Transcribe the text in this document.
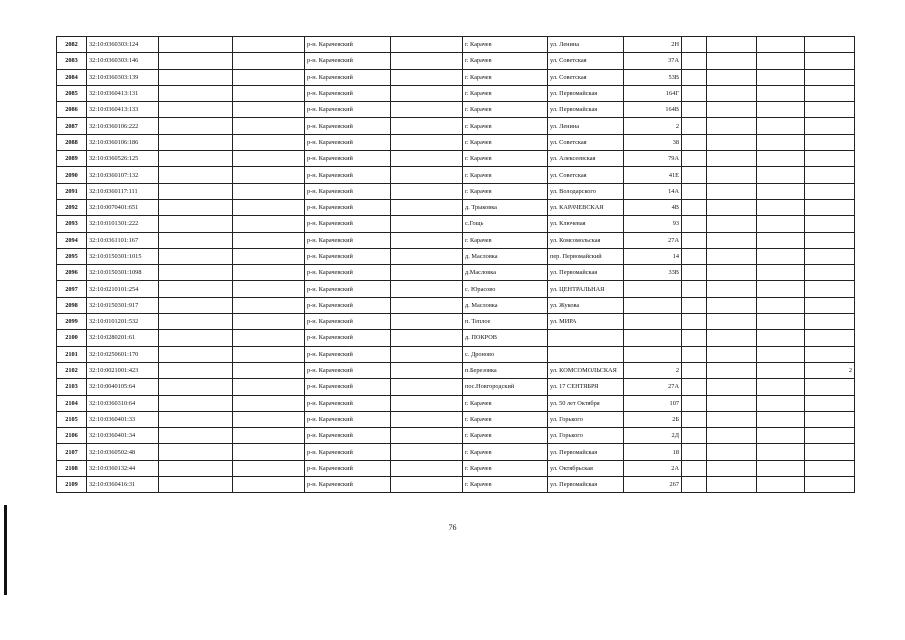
2082	32:10:0360303:124			р-н. Карачевский		г. Карачев	ул. Ленина	2Н				
2083	32:10:0360303:146			р-н. Карачевский		г. Карачев	ул. Советская	37А				
2084	32:10:0360303:139			р-н. Карачевский		г. Карачев	ул. Советская	53В				
2085	32:10:0360413:131			р-н. Карачевский		г. Карачев	ул. Первомайская	164Г				
2086	32:10:0360413:133			р-н. Карачевский		г. Карачев	ул. Первомайская	164В				
2087	32:10:0360106:222			р-н. Карачевский		г. Карачев	ул. Ленина	2				
2088	32:10:0360106:186			р-н. Карачевский		г. Карачев	ул. Советская	38				
2089	32:10:0360526:125			р-н. Карачевский		г. Карачев	ул. Алексеевская	79А				
2090	32:10:0360107:132			р-н. Карачевский		г. Карачев	ул. Советская	41Е				
2091	32:10:0360117:111			р-н. Карачевский		г. Карачев	ул. Володарского	14А				
2092	32:10:0070401:651			р-н. Карачевский		д. Трыковка	ул. КАРАЧЕВСКАЯ	4В				
2093	32:10:0101301:222			р-н. Карачевский		с.Гощь	ул. Ключевая	93				
2094	32:10:0361101:167			р-н. Карачевский		г. Карачев	ул. Комсомольская	27А				
2095	32:10:0150301:1015			р-н. Карачевский		д. Масловка	пер. Первомайский	14				
2096	32:10:0150301:1098			р-н. Карачевский		д.Масловка	ул. Первомайская	33В				
2097	32:10:0210101:254			р-н. Карачевский		с. Юрасово	ул. ЦЕНТРАЛЬНАЯ					
2098	32:10:0150301:917			р-н. Карачевский		д. Масловка	ул. Жукова					
2099	32:10:0101201:532			р-н. Карачевский		п. Теплое	ул. МИРА					
2100	32:10:0280201:61			р-н. Карачевский		д. ПОКРОВ						
2101	32:10:0250601:170			р-н. Карачевский		с. Дроново						
2102	32:10:0021001:423			р-н. Карачевский		п.Березовка	ул. КОМСОМОЛЬСКАЯ	2				2
2103	32:10:0040105:64			р-н. Карачевский		пос.Новгородский	ул. 17 СЕНТЯБРЯ	27А				
2104	32:10:0360310:64			р-н. Карачевский		г. Карачев	ул. 50 лет Октября	107				
2105	32:10:0360401:33			р-н. Карачевский		г. Карачев	ул. Горького	2Б				
2106	32:10:0360401:34			р-н. Карачевский		г. Карачев	ул. Горького	2Д				
2107	32:10:0360502:48			р-н. Карачевский		г. Карачев	ул. Первомайская	18				
2108	32:10:0360132:44			р-н. Карачевский		г. Карачев	ул. Октябрьская	2А				
2109	32:10:0360416:31			р-н. Карачевский		г. Карачев	ул. Первомайская	267				
76
